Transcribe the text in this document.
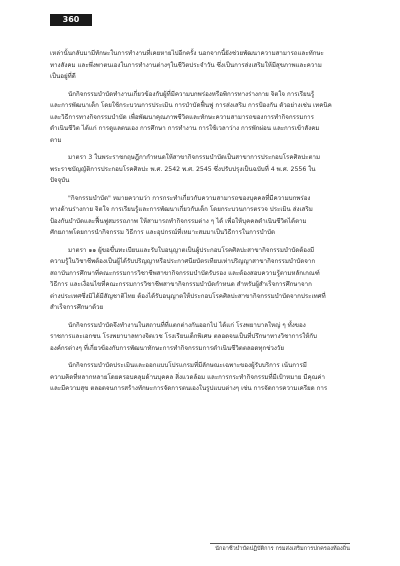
360

เหล่านั้นกลับมามีทักษะในการทำงานที่เคยหายไปอีกครั้ง นอกจากนี้ยังช่วยพัฒนาความสามารถและทักษะ
ทางสังคม และพึ่งพาตนเองในการทำงานต่างๆในชีวิตประจำวัน ซึ่งเป็นการส่งเสริมให้มีสุขภาพและความ
เป็นอยู่ที่ดี

นักกิจกรรมบำบัดทำงานเกี่ยวข้องกับผู้ที่มีความบกพร่องหรือพิการทางร่างกาย จิตใจ การเรียนรู้
และการพัฒนาเด็ก โดยใช้กระบวนการประเมิน การบำบัดฟื้นฟู การส่งเสริม การป้องกัน ตัวอย่างเช่น เทคนิค
และวิธีการทางกิจกรรมบำบัด เพื่อพัฒนาคุณภาพชีวิตและทักษะความสามารถของการทำกิจกรรมการ
ดำเนินชีวิต ได้แก่ การดูแลตนเอง การศึกษา การทำงาน การใช้เวลาว่าง การพักผ่อน และการเข้าสังคม
ตาม

มาตรา 3 ในพระราชกฤษฎีกากำหนดให้สาขากิจกรรมบำบัดเป็นสาขาการประกอบโรคศิลปะตาม
พระราชบัญญัติการประกอบโรคศิลปะ พ.ศ. 2542 พ.ศ. 2545 ซึ่งปรับปรุงเป็นฉบับที่ 4 พ.ศ. 2556 ใน
ปัจจุบัน

"กิจกรรมบำบัด" หมายความว่า การกระทำเกี่ยวกับความสามารถของบุคคลที่มีความบกพร่อง
ทางด้านร่างกาย จิตใจ การเรียนรู้และการพัฒนาเกี่ยวกับเด็ก โดยกระบวนการตรวจ ประเมิน ส่งเสริม
ป้องกันบำบัดและฟื้นฟูสมรรถภาพ ให้สามารถทำกิจกรรมต่าง ๆ ได้ เพื่อให้บุคคลดำเนินชีวิตได้ตาม
ศักยภาพโดยการนำกิจกรรม วิธีการ และอุปกรณ์ที่เหมาะสมมาเป็นวิธีการในการบำบัด

มาตรา ๑๑ ผู้ขอขึ้นทะเบียนและรับใบอนุญาตเป็นผู้ประกอบโรคศิลปะสาขากิจกรรมบำบัดต้องมี
ความรู้ในวิชาชีพต้องเป็นผู้ได้รับปริญญาหรือประกาศนียบัตรเทียบเท่าปริญญาสาขากิจกรรมบำบัดจาก
สถาบันการศึกษาที่คณะกรรมการวิชาชีพสาขากิจกรรมบำบัดรับรอง และต้องสอบความรู้ตามหลักเกณฑ์
วิธีการ และเงื่อนไขที่คณะกรรมการวิชาชีพสาขากิจกรรมบำบัดกำหนด สำหรับผู้สำเร็จการศึกษาจาก
ต่างประเทศซึ่งมิได้มีสัญชาติไทย ต้องได้รับอนุญาตให้ประกอบโรคศิลปะสาขากิจกรรมบำบัดจากประเทศที่
สำเร็จการศึกษาด้วย

นักกิจกรรมบำบัดจึงทำงานในสถานที่ที่แตกต่างกันออกไป ได้แก่ โรงพยาบาลใหญ่ ๆ ทั้งของ
ราชการและเอกชน โรงพยาบาลทางจิตเวช โรงเรียนเด็กพิเศษ ตลอดจนเป็นที่ปรึกษาทางวิชาการให้กับ
องค์กรต่างๆ ที่เกี่ยวข้องกับการพัฒนาทักษะการทำกิจกรรมการดำเนินชีวิตตลอดทุกช่วงวัย

นักกิจกรรมบำบัดประเมินและออกแบบโปรแกรมที่มีลักษณะเฉพาะของผู้รับบริการ เน้นการมี
ความคิดที่หลากหลายโดยครอบคลุมด้านบุคคล สิ่งแวดล้อม และการกระทำกิจกรรมที่มีเป้าหมาย มีคุณค่า
และมีความสุข ตลอดจนการสร้างทักษะการจัดการตนเองในรูปแบบต่างๆ เช่น การจัดการความเครียด การ

นักอาชีวบำบัดปฏิบัติการ กรมส่งเสริมการปกครองท้องถิ่น
